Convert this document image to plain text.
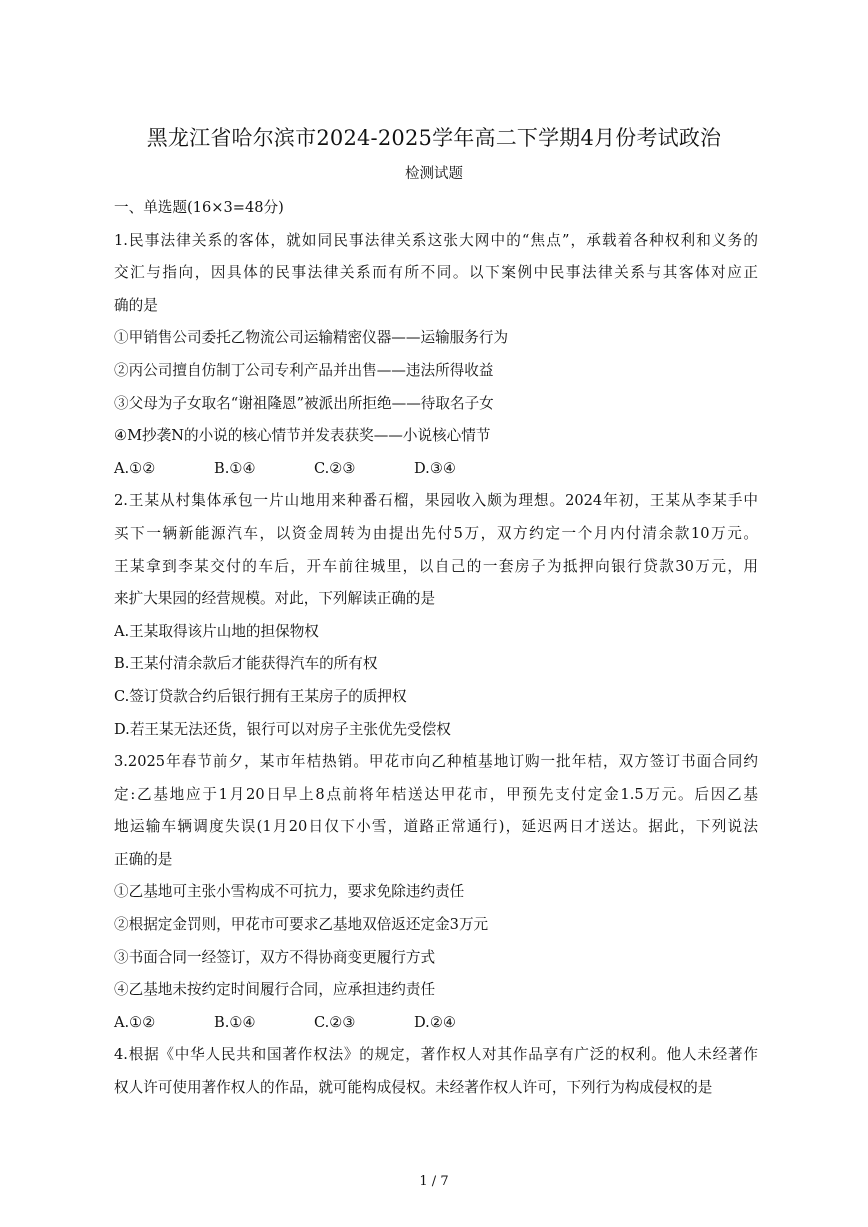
黑龙江省哈尔滨市2024-2025学年高二下学期4月份考试政治
检测试题
一、单选题(16×3=48分)
1.民事法律关系的客体，就如同民事法律关系这张大网中的“焦点”，承载着各种权利和义务的
交汇与指向，因具体的民事法律关系而有所不同。以下案例中民事法律关系与其客体对应正
确的是
①甲销售公司委托乙物流公司运输精密仪器——运输服务行为
②丙公司擅自仿制丁公司专利产品并出售——违法所得收益
③父母为子女取名“谢祖隆恩”被派出所拒绝——待取名子女
④M抄袭N的小说的核心情节并发表获奖——小说核心情节
A.①②	B.①④	C.②③	D.③④
2.王某从村集体承包一片山地用来种番石榴，果园收入颇为理想。2024年初，王某从李某手中
买下一辆新能源汽车，以资金周转为由提出先付5万，双方约定一个月内付清余款10万元。
王某拿到李某交付的车后，开车前往城里，以自己的一套房子为抵押向银行贷款30万元，用
来扩大果园的经营规模。对此，下列解读正确的是
A.王某取得该片山地的担保物权
B.王某付清余款后才能获得汽车的所有权
C.签订贷款合约后银行拥有王某房子的质押权
D.若王某无法还货，银行可以对房子主张优先受偿权
3.2025年春节前夕，某市年桔热销。甲花市向乙种植基地订购一批年桔，双方签订书面合同约
定:乙基地应于1月20日早上8点前将年桔送达甲花市，甲预先支付定金1.5万元。后因乙基
地运输车辆调度失误(1月20日仅下小雪，道路正常通行)，延迟两日才送达。据此，下列说法
正确的是
①乙基地可主张小雪构成不可抗力，要求免除违约责任
②根据定金罚则，甲花市可要求乙基地双倍返还定金3万元
③书面合同一经签订，双方不得协商变更履行方式
④乙基地未按约定时间履行合同，应承担违约责任
A.①②	B.①④	C.②③	D.②④
4.根据《中华人民共和国著作权法》的规定，著作权人对其作品享有广泛的权利。他人未经著作
权人许可使用著作权人的作品，就可能构成侵权。未经著作权人许可，下列行为构成侵权的是
1 / 7
